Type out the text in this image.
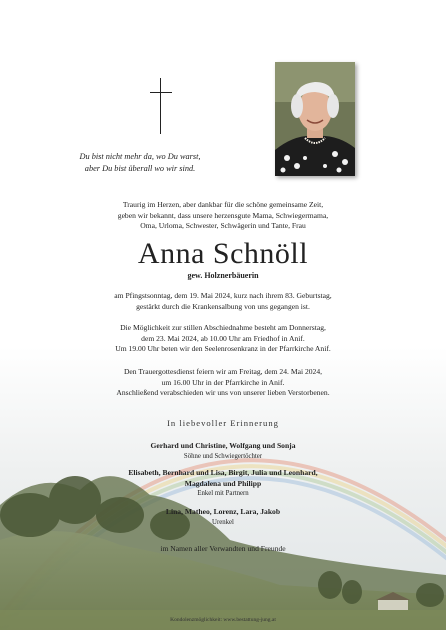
Du bist nicht mehr da, wo Du warst,
aber Du bist überall wo wir sind.
Traurig im Herzen, aber dankbar für die schöne gemeinsame Zeit,
geben wir bekannt, dass unsere herzensgute Mama, Schwiegermama,
Oma, Urloma, Schwester, Schwägerin und Tante, Frau
Anna Schnöll
gew. Holznerbäuerin
am Pfingstsonntag, dem 19. Mai 2024, kurz nach ihrem 83. Geburtstag,
gestärkt durch die Krankensalbung von uns gegangen ist.
Die Möglichkeit zur stillen Abschiednahme besteht am Donnerstag,
dem 23. Mai 2024, ab 10.00 Uhr am Friedhof in Anif.
Um 19.00 Uhr beten wir den Seelenrosenkranz in der Pfarrkirche Anif.
Den Trauergottesdienst feiern wir am Freitag, dem 24. Mai 2024,
um 16.00 Uhr in der Pfarrkirche in Anif.
Anschließend verabschieden wir uns von unserer lieben Verstorbenen.
In liebevoller Erinnerung
Gerhard und Christine, Wolfgang und Sonja
Söhne und Schwiegertöchter
Elisabeth, Bernhard und Lisa, Birgit, Julia und Leonhard,
Magdalena und Philipp
Enkel mit Partnern
Lina, Matheo, Lorenz, Lara, Jakob
Urenkel
im Namen aller Verwandten und Freunde
Kondolenzmöglichkeit: www.bestattung-jung.at
